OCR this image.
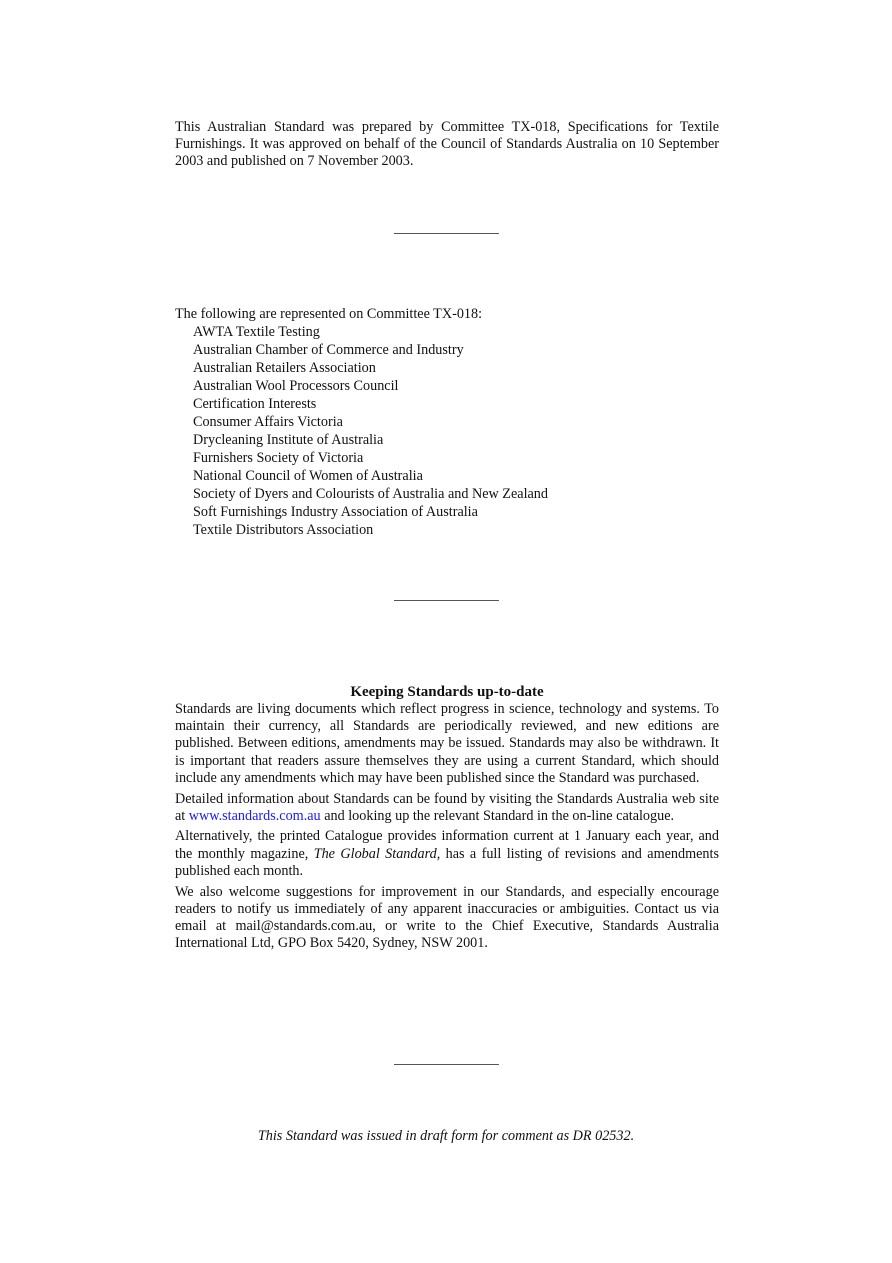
This Australian Standard was prepared by Committee TX-018, Specifications for Textile Furnishings. It was approved on behalf of the Council of Standards Australia on 10 September 2003 and published on 7 November 2003.
The following are represented on Committee TX-018:
AWTA Textile Testing
Australian Chamber of Commerce and Industry
Australian Retailers Association
Australian Wool Processors Council
Certification Interests
Consumer Affairs Victoria
Drycleaning Institute of Australia
Furnishers Society of Victoria
National Council of Women of Australia
Society of Dyers and Colourists of Australia and New Zealand
Soft Furnishings Industry Association of Australia
Textile Distributors Association
Keeping Standards up-to-date

Standards are living documents which reflect progress in science, technology and systems. To maintain their currency, all Standards are periodically reviewed, and new editions are published. Between editions, amendments may be issued. Standards may also be withdrawn. It is important that readers assure themselves they are using a current Standard, which should include any amendments which may have been published since the Standard was purchased.

Detailed information about Standards can be found by visiting the Standards Australia web site at www.standards.com.au and looking up the relevant Standard in the on-line catalogue.

Alternatively, the printed Catalogue provides information current at 1 January each year, and the monthly magazine, The Global Standard, has a full listing of revisions and amendments published each month.

We also welcome suggestions for improvement in our Standards, and especially encourage readers to notify us immediately of any apparent inaccuracies or ambiguities. Contact us via email at mail@standards.com.au, or write to the Chief Executive, Standards Australia International Ltd, GPO Box 5420, Sydney, NSW 2001.

This Standard was issued in draft form for comment as DR 02532.
